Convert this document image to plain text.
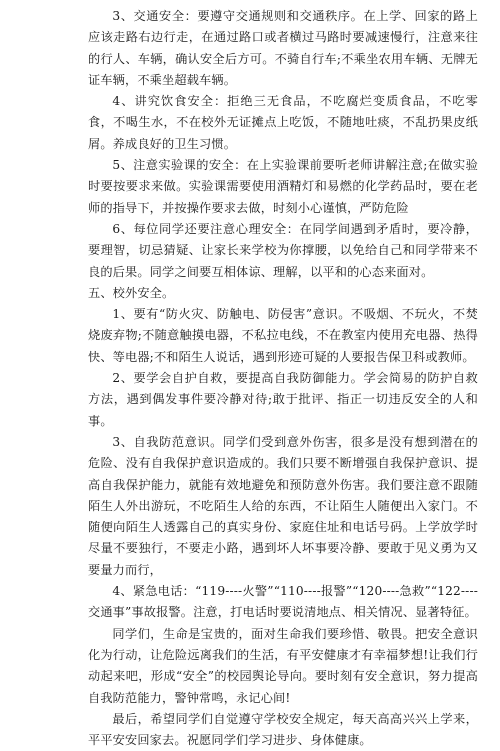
3、交通安全：要遵守交通规则和交通秩序。在上学、回家的路上应该走路右边行走，在通过路口或者横过马路时要减速慢行，注意来往的行人、车辆，确认安全后方可。不骑自行车;不乘坐农用车辆、无牌无证车辆，不乘坐超载车辆。

4、讲究饮食安全：拒绝三无食品，不吃腐烂变质食品，不吃零食，不喝生水，不在校外无证摊点上吃饭，不随地吐痰，不乱扔果皮纸屑。养成良好的卫生习惯。

5、注意实验课的安全：在上实验课前要听老师讲解注意;在做实验时要按要求来做。实验课需要使用酒精灯和易燃的化学药品时，要在老师的指导下，并按操作要求去做，时刻小心谨慎，严防危险

6、每位同学还要注意心理安全：在同学间遇到矛盾时，要冷静，要理智，切忌猜疑、让家长来学校为你撑腰，以免给自己和同学带来不良的后果。同学之间要互相体谅、理解，以平和的心态来面对。

五、校外安全。

1、要有“防火灾、防触电、防侵害”意识。不吸烟、不玩火，不焚烧废弃物;不随意触摸电器，不私拉电线，不在教室内使用充电器、热得快、等电器;不和陌生人说话，遇到形迹可疑的人要报告保卫科或教师。

2、要学会自护自救，要提高自我防御能力。学会简易的防护自救方法，遇到偶发事件要冷静对待;敢于批评、指正一切违反安全的人和事。

3、自我防范意识。同学们受到意外伤害，很多是没有想到潜在的危险、没有自我保护意识造成的。我们只要不断增强自我保护意识、提高自我保护能力，就能有效地避免和预防意外伤害。我们要注意不跟随陌生人外出游玩，不吃陌生人给的东西，不让陌生人随便出入家门。不随便向陌生人透露自己的真实身份、家庭住址和电话号码。上学放学时尽量不要独行，不要走小路，遇到坏人坏事要冷静、要敢于见义勇为又要量力而行，

4、紧急电话：“119----火警”“110----报警”“120----急救”“122----交通事”事故报警。注意，打电话时要说清地点、相关情况、显著特征。

同学们，生命是宝贵的，面对生命我们要珍惜、敬畏。把安全意识化为行动，让危险远离我们的生活，有平安健康才有幸福梦想!让我们行动起来吧，形成“安全”的校园舆论导向。要时刻有安全意识，努力提高自我防范能力，警钟常鸣，永记心间!

最后，希望同学们自觉遵守学校安全规定，每天高高兴兴上学来，平平安安回家去。祝愿同学们学习进步、身体健康。
